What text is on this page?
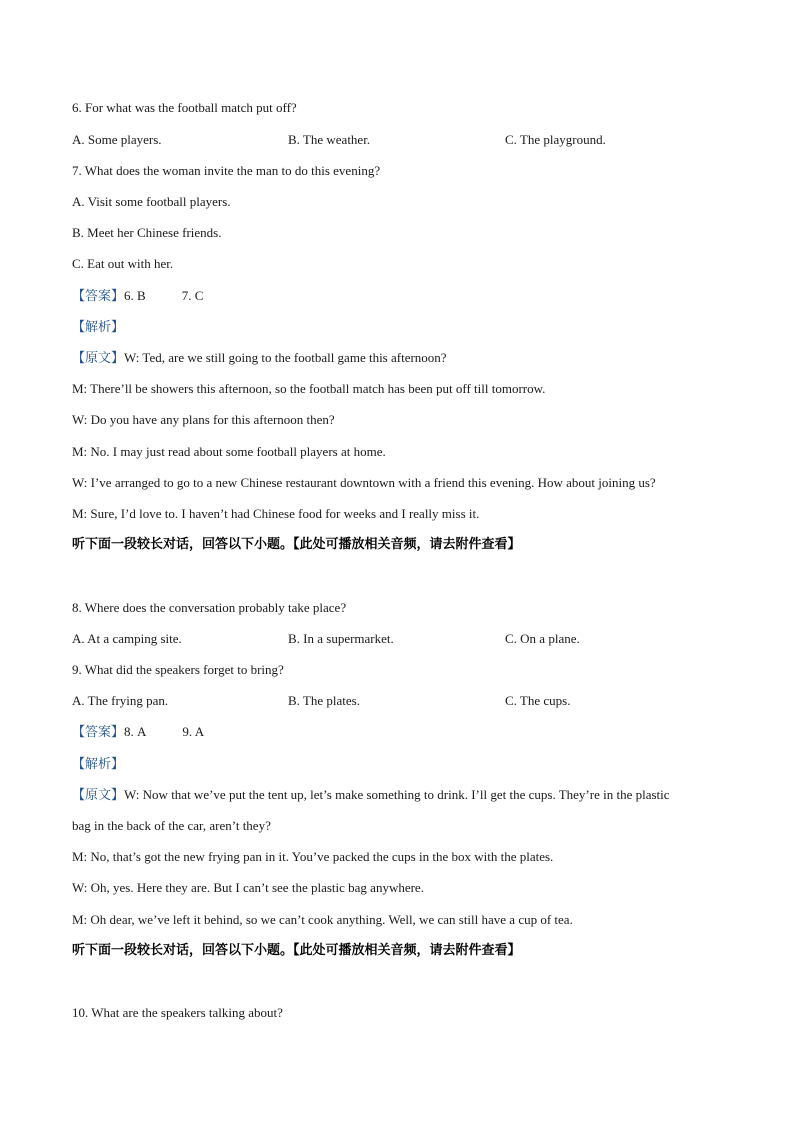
6. For what was the football match put off?
A. Some players.	B. The weather.	C. The playground.
7. What does the woman invite the man to do this evening?
A. Visit some football players.
B. Meet her Chinese friends.
C. Eat out with her.
【答案】6. B	7. C
【解析】
【原文】W: Ted, are we still going to the football game this afternoon?
M: There’ll be showers this afternoon, so the football match has been put off till tomorrow.
W: Do you have any plans for this afternoon then?
M: No. I may just read about some football players at home.
W: I’ve arranged to go to a new Chinese restaurant downtown with a friend this evening. How about joining us?
M: Sure, I’d love to. I haven’t had Chinese food for weeks and I really miss it.
听下面一段较长对话，回答以下小题。【此处可播放相关音频，请去附件查看】
8. Where does the conversation probably take place?
A. At a camping site.	B. In a supermarket.	C. On a plane.
9. What did the speakers forget to bring?
A. The frying pan.	B. The plates.	C. The cups.
【答案】8. A	9. A
【解析】
【原文】W: Now that we’ve put the tent up, let’s make something to drink. I’ll get the cups. They’re in the plastic
bag in the back of the car, aren’t they?
M: No, that’s got the new frying pan in it. You’ve packed the cups in the box with the plates.
W: Oh, yes. Here they are. But I can’t see the plastic bag anywhere.
M: Oh dear, we’ve left it behind, so we can’t cook anything. Well, we can still have a cup of tea.
听下面一段较长对话，回答以下小题。【此处可播放相关音频，请去附件查看】
10. What are the speakers talking about?
